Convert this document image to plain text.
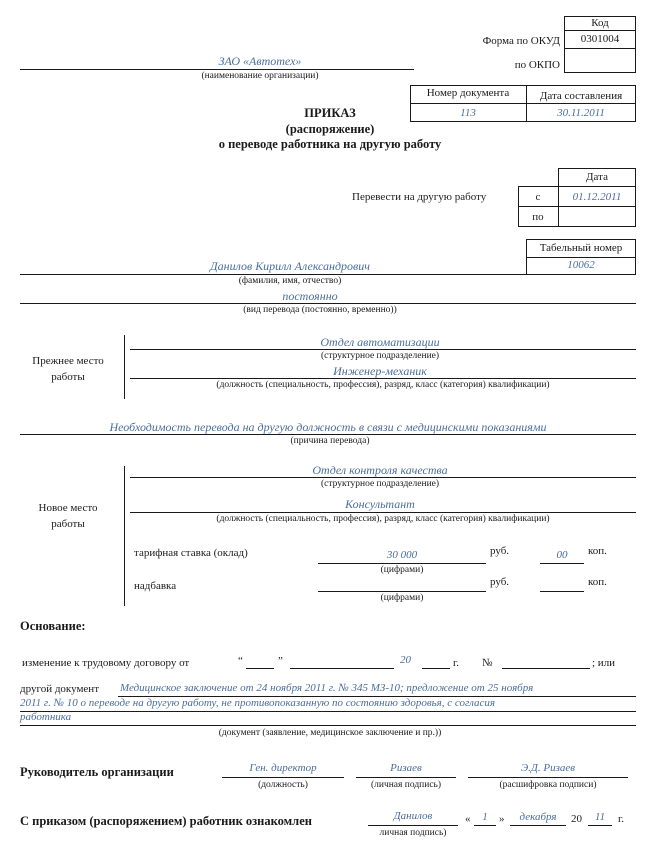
Код
0301004
Форма по ОКУД
по ОКПО
ЗАО «Автотех»
(наименование организации)
Номер документа	Дата составления
113	30.11.2011
ПРИКАЗ
(распоряжение)
о переводе работника на другую работу
Дата
Перевести на другую работу	с	01.12.2011
по
Табельный номер
10062
Данилов Кирилл Александрович
(фамилия, имя, отчество)
постоянно
(вид перевода (постоянно, временно))
Прежнее место
работы
Отдел автоматизации
(структурное подразделение)
Инженер-механик
(должность (специальность, профессия), разряд, класс (категория) квалификации)
Необходимость перевода на другую должность в связи с медицинскими показаниями
(причина перевода)
Новое место
работы
Отдел контроля качества
(структурное подразделение)
Консультант
(должность (специальность, профессия), разряд, класс (категория) квалификации)
тарифная ставка (оклад)	30 000
(цифрами)
руб.	00	коп.
надбавка
(цифрами)
руб.	коп.
Основание:
изменение к трудовому договору от	“	”	20	г. №	; или
другой документ Медицинское заключение от 24 ноября 2011 г. № 345 МЗ-10; предложение от 25 ноября
2011 г. № 10 о переводе на другую работу, не противопоказанную по состоянию здоровья, с согласия
работника
(документ (заявление, медицинское заключение и пр.))
Руководитель организации	Ген. директор
(должность)
Ризаев
(личная подпись)
Э.Д. Ризаев
(расшифровка подписи)
С приказом (распоряжением) работник ознакомлен	Данилов
личная подпись)
«	1	»	декабря	20	11	г.
